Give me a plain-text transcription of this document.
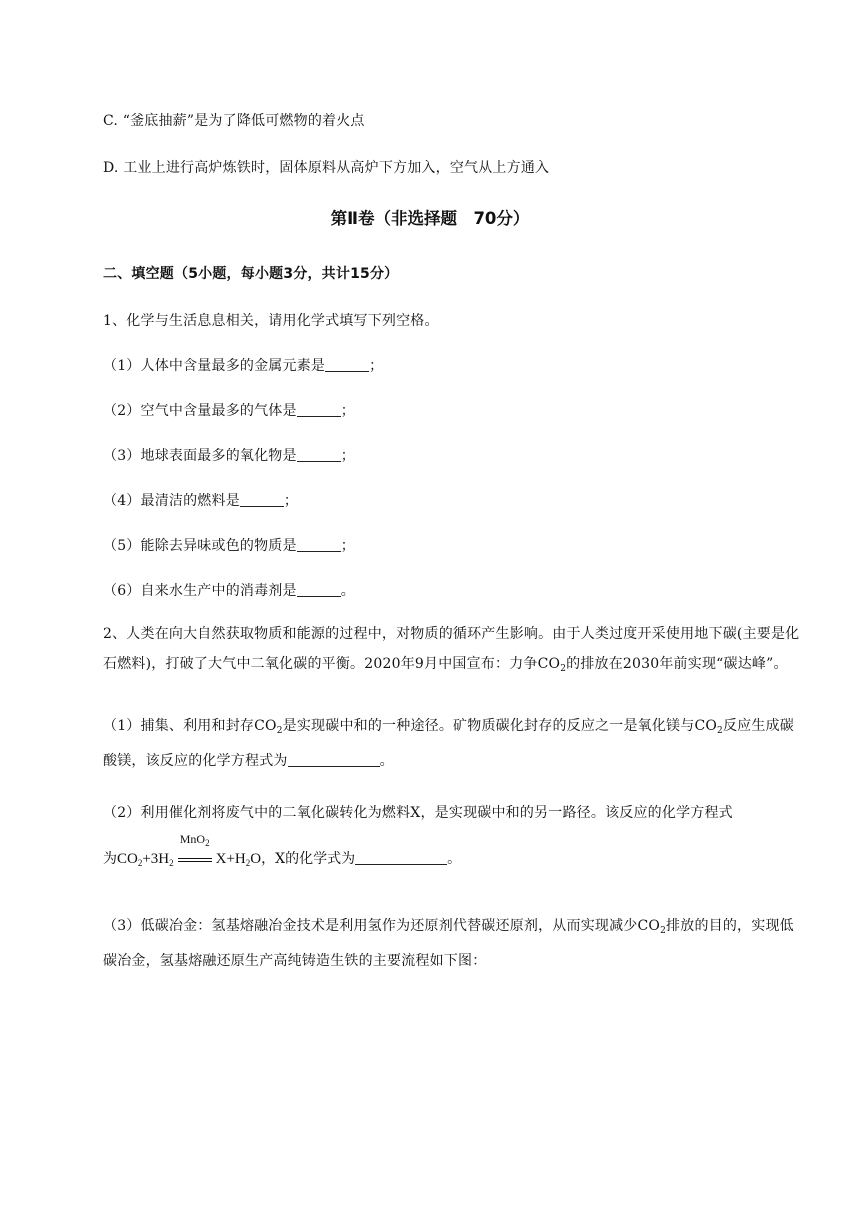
C. “釜底抽薪”是为了降低可燃物的着火点
D. 工业上进行高炉炼铁时，固体原料从高炉下方加入，空气从上方通入
第Ⅱ卷（非选择题　70分）
二、填空题（5小题，每小题3分，共计15分）
1、化学与生活息息相关，请用化学式填写下列空格。
（1）人体中含量最多的金属元素是	；
（2）空气中含量最多的气体是	；
（3）地球表面最多的氧化物是	；
（4）最清洁的燃料是	；
（5）能除去异味或色的物质是	；
（6）自来水生产中的消毒剂是	。
2、人类在向大自然获取物质和能源的过程中，对物质的循环产生影响。由于人类过度开采使用地下碳(主要是化石燃料)，打破了大气中二氧化碳的平衡。2020年9月中国宣布：力争$CO_2$的排放在2030年前实现“碳达峰”。
（1）捕集、利用和封存$CO_2$是实现碳中和的一种途径。矿物质碳化封存的反应之一是氧化镁与$CO_2$反应生成碳酸镁，该反应的化学方程式为	。
（2）利用催化剂将废气中的二氧化碳转化为燃料X，是实现碳中和的另一路径。该反应的化学方程式
为$CO_2+3H_2$
MnO$_2$
$X+H_2O$，X的化学式为	。
（3）低碳冶金：氢基熔融冶金技术是利用氢作为还原剂代替碳还原剂，从而实现减少$CO_2$排放的目的，实现低碳冶金，氢基熔融还原生产高纯铸造生铁的主要流程如下图：
